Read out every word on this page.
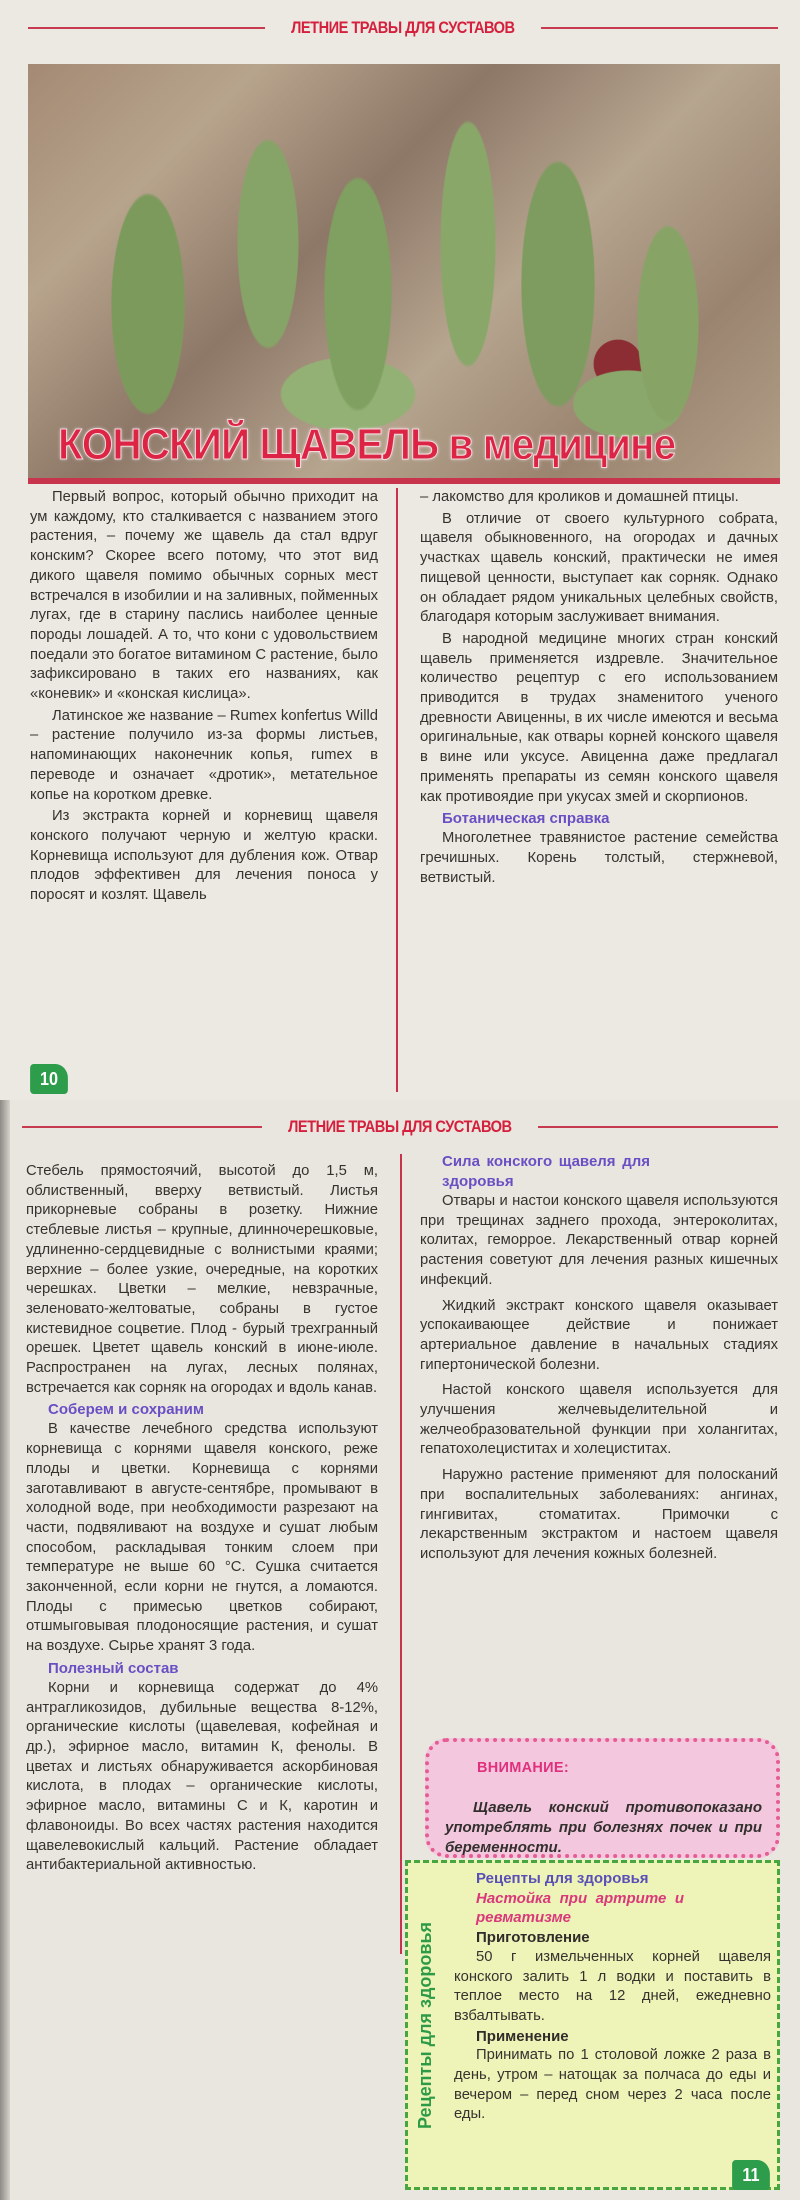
ЛЕТНИЕ ТРАВЫ ДЛЯ СУСТАВОВ
КОНСКИЙ ЩАВЕЛЬ в медицине

Первый вопрос, который обычно приходит на ум каждому, кто сталкивается с названием этого растения, – почему же щавель да стал вдруг конским? Скорее всего потому, что этот вид дикого щавеля помимо обычных сорных мест встречался в изобилии и на заливных, пойменных лугах, где в старину паслись наиболее ценные породы лошадей. А то, что кони с удовольствием поедали это богатое витамином С растение, было зафиксировано в таких его названиях, как «коневик» и «конская кислица».

Латинское же название – Rumex konfertus Willd – растение получило из-за формы листьев, напоминающих наконечник копья, rumex в переводе и означает «дротик», метательное копье на коротком древке.

Из экстракта корней и корневищ щавеля конского получают черную и желтую краски. Корневища используют для дубления кож. Отвар плодов эффективен для лечения поноса у поросят и козлят. Щавель

10

– лакомство для кроликов и домашней птицы.

В отличие от своего культурного собрата, щавеля обыкновенного, на огородах и дачных участках щавель конский, практически не имея пищевой ценности, выступает как сорняк. Однако он обладает рядом уникальных целебных свойств, благодаря которым заслуживает внимания.

В народной медицине многих стран конский щавель применяется издревле. Значительное количество рецептур с его использованием приводится в трудах знаменитого ученого древности Авиценны, в их числе имеются и весьма оригинальные, как отвары корней конского щавеля в вине или уксусе. Авиценна даже предлагал применять препараты из семян конского щавеля как противоядие при укусах змей и скорпионов.

Ботаническая справка

Многолетнее травянистое растение семейства гречишных. Корень толстый, стержневой, ветвистый.

ЛЕТНИЕ ТРАВЫ ДЛЯ СУСТАВОВ

Стебель прямостоячий, высотой до 1,5 м, облиственный, вверху ветвистый. Листья прикорневые собраны в розетку. Нижние стеблевые листья – крупные, длинночерешковые, удлиненно-сердцевидные с волнистыми краями; верхние – более узкие, очередные, на коротких черешках. Цветки – мелкие, невзрачные, зеленовато-желтоватые, собраны в густое кистевидное соцветие. Плод - бурый трехгранный орешек. Цветет щавель конский в июне-июле. Распространен на лугах, лесных полянах, встречается как сорняк на огородах и вдоль канав.

Соберем и сохраним

В качестве лечебного средства используют корневища с корнями щавеля конского, реже плоды и цветки. Корневища с корнями заготавливают в августе-сентябре, промывают в холодной воде, при необходимости разрезают на части, подвяливают на воздухе и сушат любым способом, раскладывая тонким слоем при температуре не выше 60 °С. Сушка считается законченной, если корни не гнутся, а ломаются. Плоды с примесью цветков собирают, отшмыговывая плодоносящие растения, и сушат на воздухе. Сырье хранят 3 года.

Полезный состав

Корни и корневища содержат до 4% антрагликозидов, дубильные вещества 8-12%, органические кислоты (щавелевая, кофейная и др.), эфирное масло, витамин К, фенолы. В цветах и листьях обнаруживается аскорбиновая кислота, в плодах – органические кислоты, эфирное масло, витамины С и К, каротин и флавоноиды. Во всех частях растения находится щавелевокислый кальций. Растение обладает антибактериальной активностью.

Сила конского щавеля для здоровья

Отвары и настои конского щавеля используются при трещинах заднего прохода, энтероколитах, колитах, геморрое. Лекарственный отвар корней растения советуют для лечения разных кишечных инфекций.

Жидкий экстракт конского щавеля оказывает успокаивающее действие и понижает артериальное давление в начальных стадиях гипертонической болезни.

Настой конского щавеля используется для улучшения желчевыделительной и желчеобразовательной функции при холангитах, гепатохолециститах и холециститах.

Наружно растение применяют для полосканий при воспалительных заболеваниях: ангинах, гингивитах, стоматитах. Примочки с лекарственным экстрактом и настоем щавеля используют для лечения кожных болезней.

ВНИМАНИЕ:
Щавель конский противопоказано употреблять при болезнях почек и при беременности.
Рецепты для здоровья
Рецепты для здоровья
Настойка при артрите и ревматизме
Приготовление

50 г измельченных корней щавеля конского залить 1 л водки и поставить в теплое место на 12 дней, ежедневно взбалтывать.

Применение

Принимать по 1 столовой ложке 2 раза в день, утром – натощак за полчаса до еды и вечером – перед сном через 2 часа после еды.

11
